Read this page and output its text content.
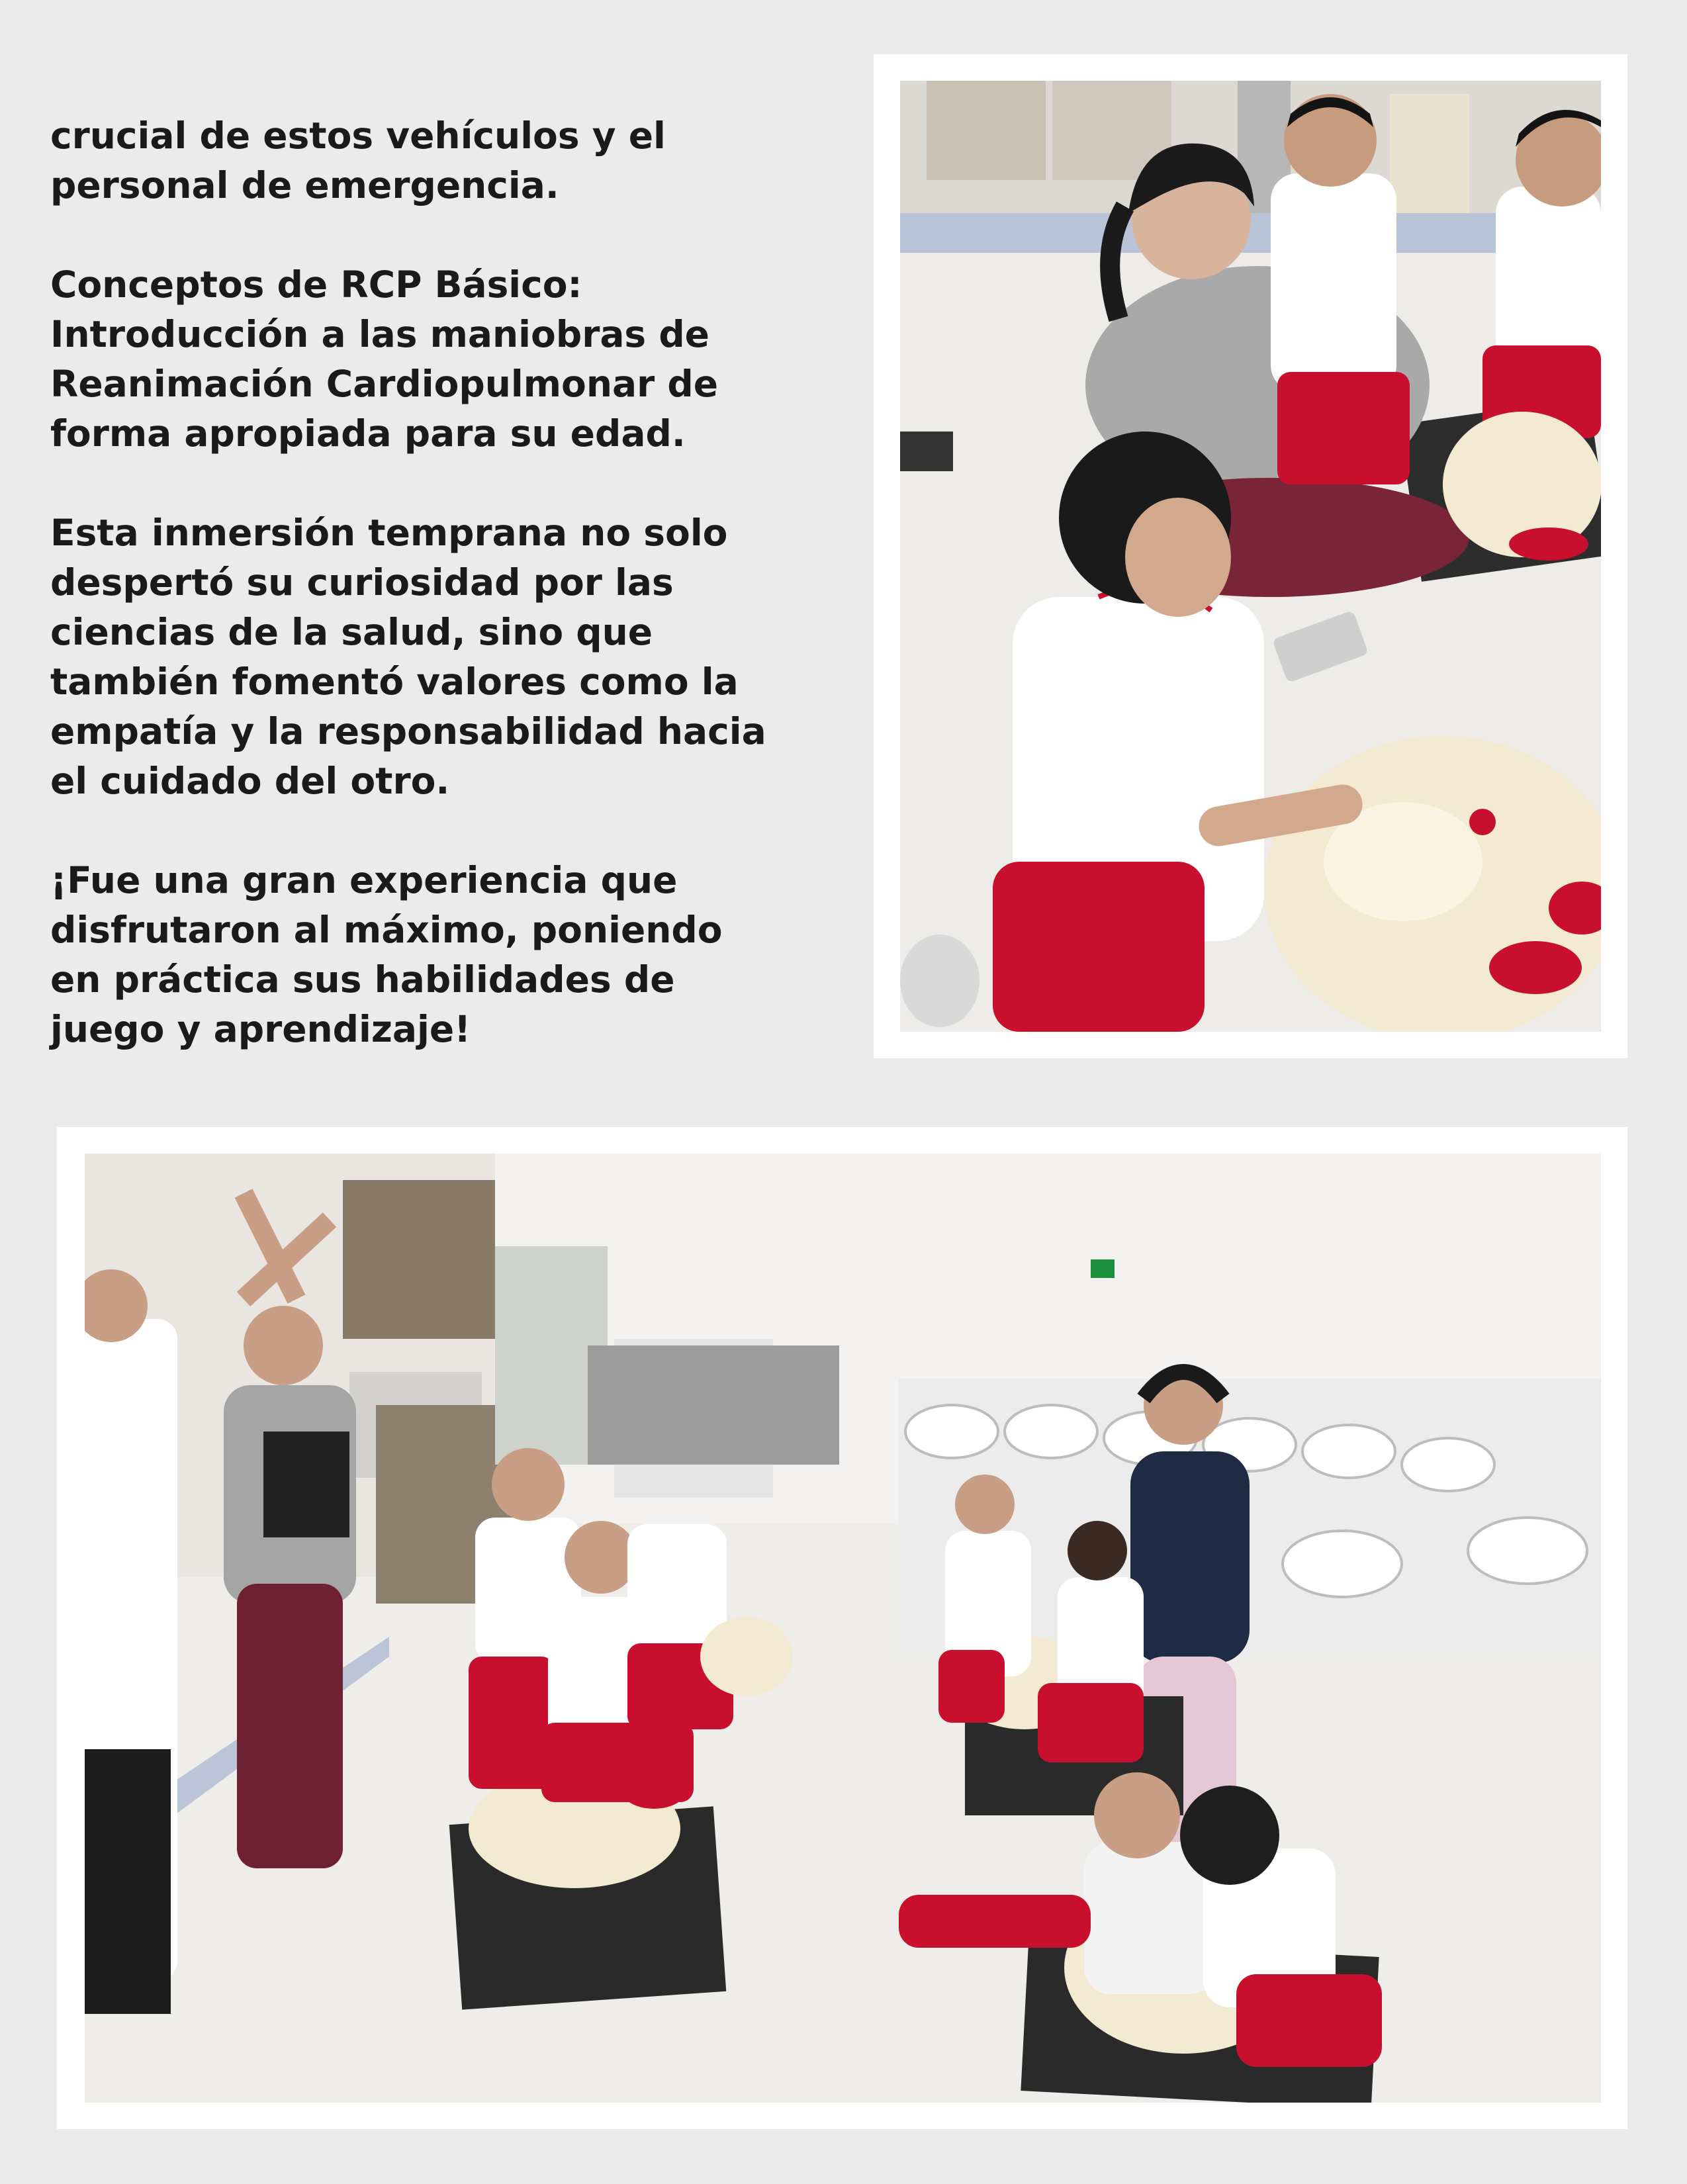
crucial de estos vehículos y el
personal de emergencia.

Conceptos de RCP Básico:
Introducción a las maniobras de
Reanimación Cardiopulmonar de
forma apropiada para su edad.

Esta inmersión temprana no solo
despertó su curiosidad por las
ciencias de la salud, sino que
también fomentó valores como la
empatía y la responsabilidad hacia
el cuidado del otro.

¡Fue una gran experiencia que
disfrutaron al máximo, poniendo
en práctica sus habilidades de
juego y aprendizaje!
